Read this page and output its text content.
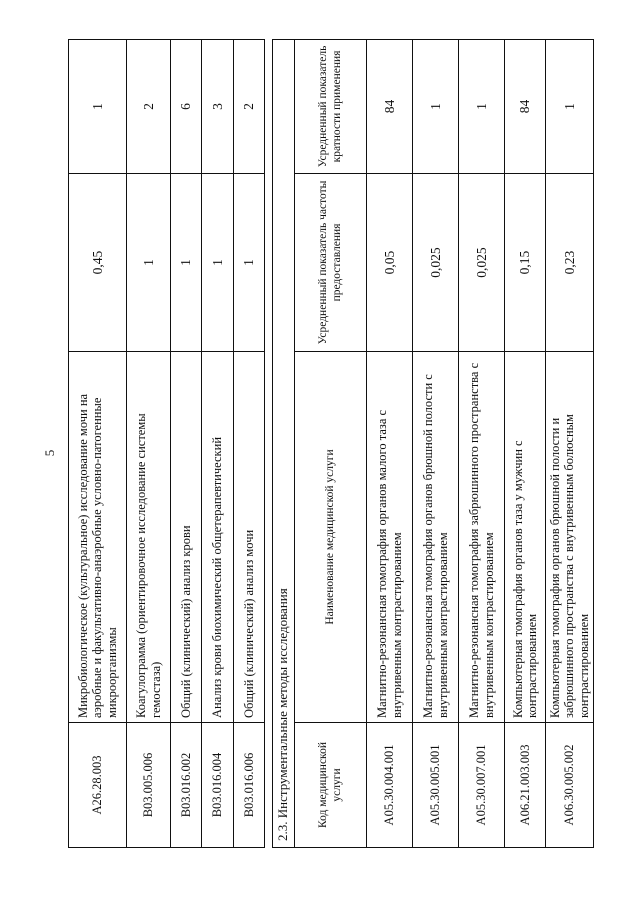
5
A26.28.003	Микробиологическое (культуральное) исследование мочи на аэробные и факультативно-анаэробные условно-патогенные микроорганизмы	0,45	1
B03.005.006	Коагулограмма (ориентировочное исследование системы гемостаза)	1	2
B03.016.002	Общий (клинический) анализ крови	1	6
B03.016.004	Анализ крови биохимический общетерапевтический	1	3
B03.016.006	Общий (клинический) анализ мочи	1	2
2.3. Инструментальные методы исследования			
Код медицинской услуги	Наименование медицинской услуги	Усредненный показатель частоты предоставления	Усредненный показатель кратности применения
A05.30.004.001	Магнитно-резонансная томография органов малого таза с внутривенным контрастированием	0,05	84
A05.30.005.001	Магнитно-резонансная томография органов брюшной полости с внутривенным контрастированием	0,025	1
A05.30.007.001	Магнитно-резонансная томография забрюшинного пространства с внутривенным контрастированием	0,025	1
A06.21.003.003	Компьютерная томография органов таза у мужчин с контрастированием	0,15	84
A06.30.005.002	Компьютерная томография органов брюшной полости и забрюшинного пространства с внутривенным болюсным контрастированием	0,23	1
